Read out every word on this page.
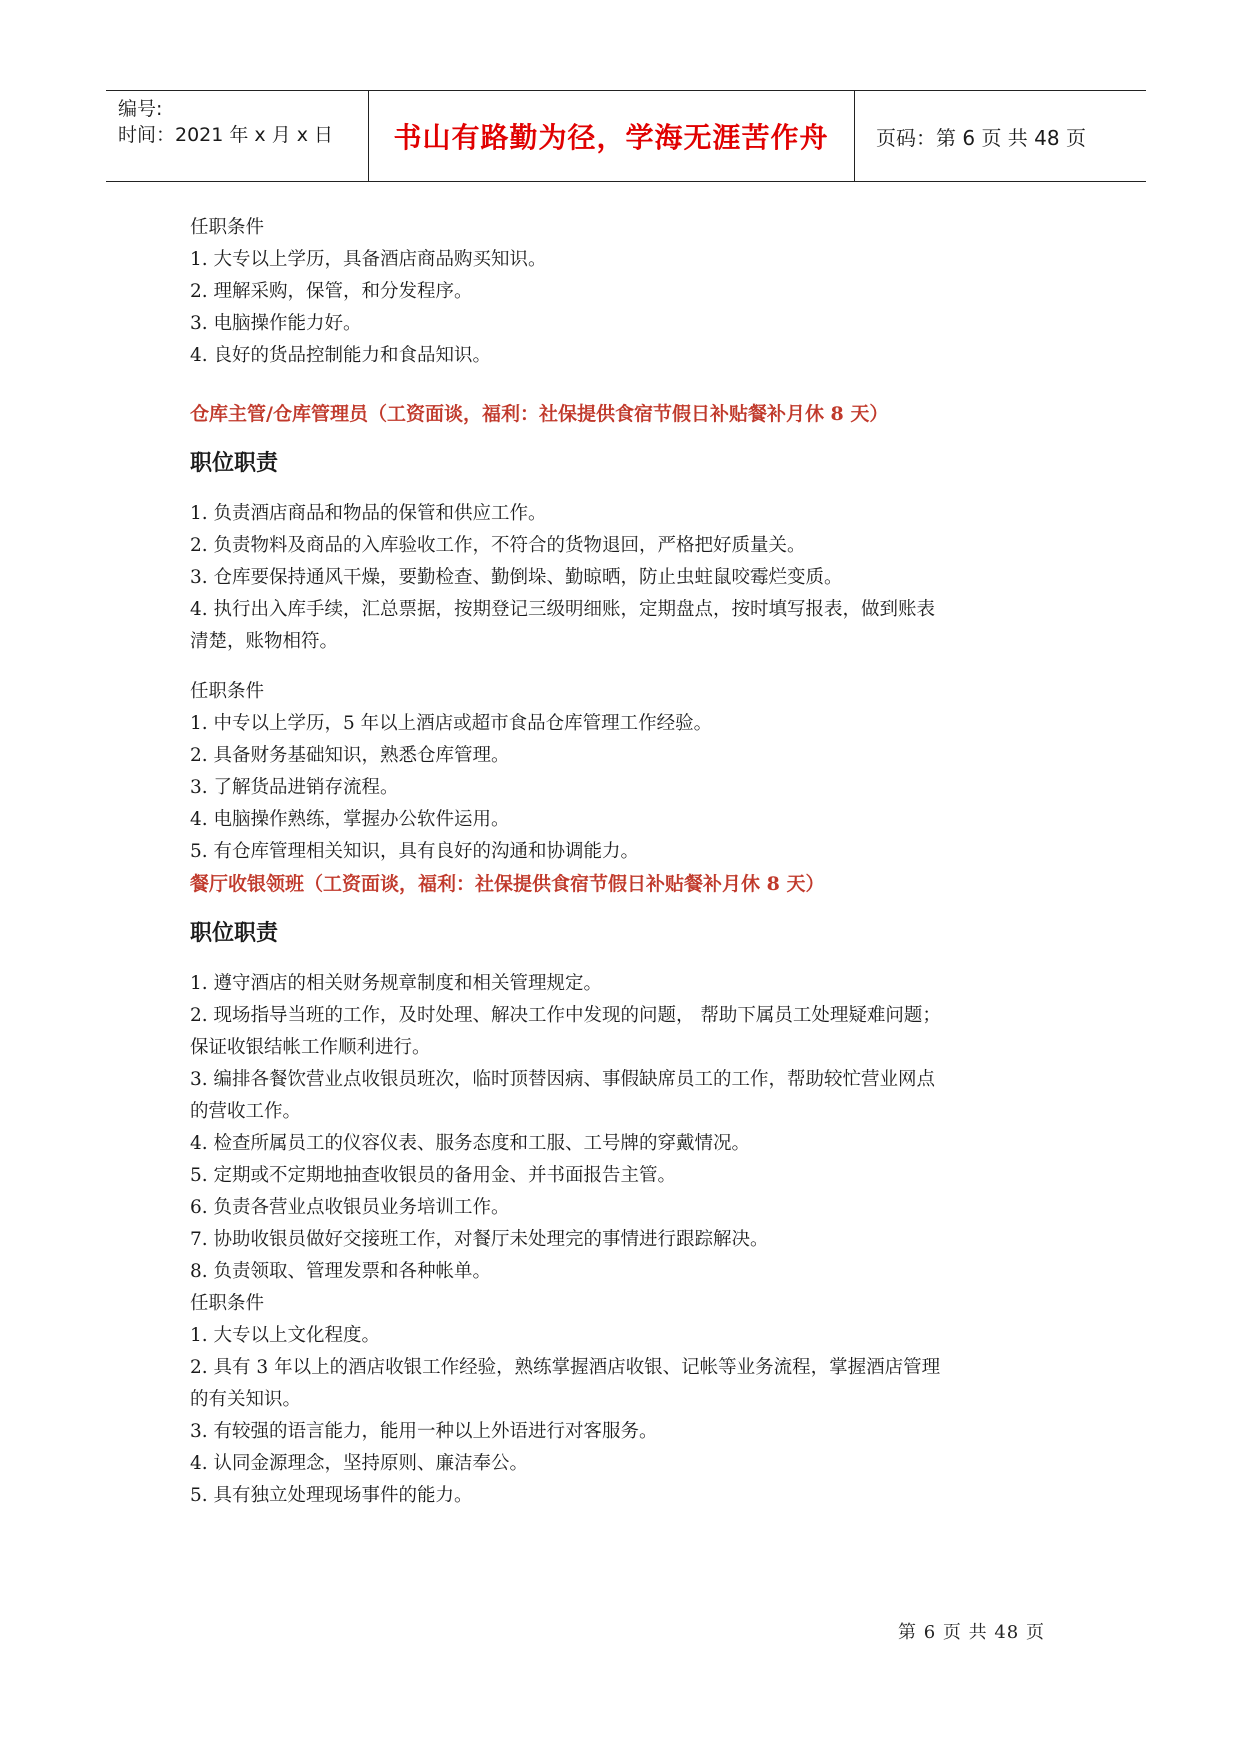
编号:
时间：2021 年 x 月 x 日	书山有路勤为径，学海无涯苦作舟	页码：第 6 页 共 48 页
任职条件
1. 大专以上学历，具备酒店商品购买知识。
2. 理解采购，保管，和分发程序。
3. 电脑操作能力好。
4. 良好的货品控制能力和食品知识。
仓库主管/仓库管理员（工资面谈，福利：社保提供食宿节假日补贴餐补月休 8 天）
职位职责
1. 负责酒店商品和物品的保管和供应工作。
2. 负责物料及商品的入库验收工作，不符合的货物退回，严格把好质量关。
3. 仓库要保持通风干燥，要勤检查、勤倒垛、勤晾晒，防止虫蛀鼠咬霉烂变质。
4. 执行出入库手续，汇总票据，按期登记三级明细账，定期盘点，按时填写报表，做到账表
清楚，账物相符。
任职条件
1. 中专以上学历，5 年以上酒店或超市食品仓库管理工作经验。
2. 具备财务基础知识，熟悉仓库管理。
3. 了解货品进销存流程。
4. 电脑操作熟练，掌握办公软件运用。
5. 有仓库管理相关知识，具有良好的沟通和协调能力。
餐厅收银领班（工资面谈，福利：社保提供食宿节假日补贴餐补月休 8 天）
职位职责
1. 遵守酒店的相关财务规章制度和相关管理规定。
2. 现场指导当班的工作，及时处理、解决工作中发现的问题， 帮助下属员工处理疑难问题；
保证收银结帐工作顺利进行。
3. 编排各餐饮营业点收银员班次，临时顶替因病、事假缺席员工的工作，帮助较忙营业网点
的营收工作。
4. 检查所属员工的仪容仪表、服务态度和工服、工号牌的穿戴情况。
5. 定期或不定期地抽查收银员的备用金、并书面报告主管。
6. 负责各营业点收银员业务培训工作。
7. 协助收银员做好交接班工作，对餐厅未处理完的事情进行跟踪解决。
8. 负责领取、管理发票和各种帐单。
任职条件
1. 大专以上文化程度。
2. 具有 3 年以上的酒店收银工作经验，熟练掌握酒店收银、记帐等业务流程，掌握酒店管理
的有关知识。
3. 有较强的语言能力，能用一种以上外语进行对客服务。
4. 认同金源理念，坚持原则、廉洁奉公。
5. 具有独立处理现场事件的能力。
第 6 页 共 48 页
